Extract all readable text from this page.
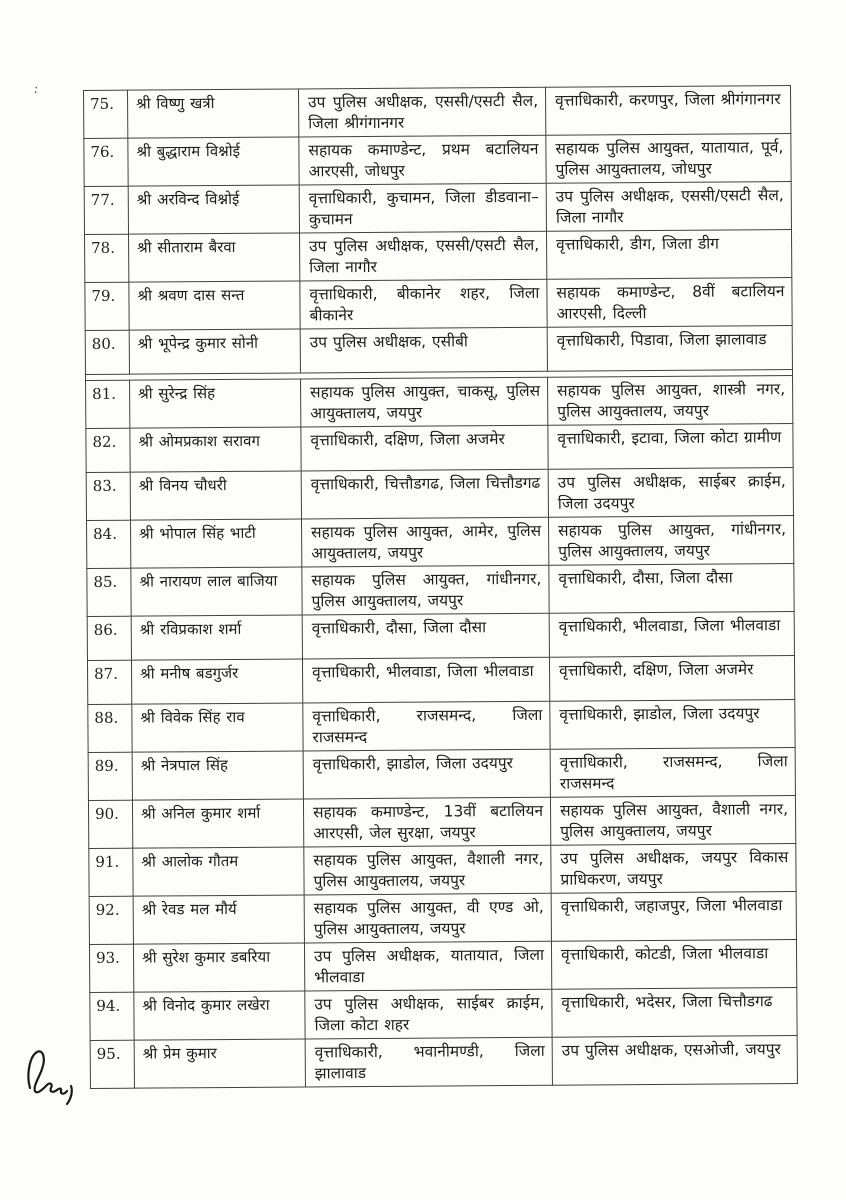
:
75.	श्री विष्णु खत्री	उप पुलिस अधीक्षक, एससी/एसटी सैल, जिला श्रीगंगानगर	वृत्ताधिकारी, करणपुर, जिला श्रीगंगानगर
76.	श्री बुद्धाराम विश्नोई	सहायक कमाण्डेन्ट, प्रथम बटालियन आरएसी, जोधपुर	सहायक पुलिस आयुक्त, यातायात, पूर्व, पुलिस आयुक्तालय, जोधपुर
77.	श्री अरविन्द विश्नोई	वृत्ताधिकारी, कुचामन, जिला डीडवाना–कुचामन	उप पुलिस अधीक्षक, एससी/एसटी सैल, जिला नागौर
78.	श्री सीताराम बैरवा	उप पुलिस अधीक्षक, एससी/एसटी सैल, जिला नागौर	वृत्ताधिकारी, डीग, जिला डीग
79.	श्री श्रवण दास सन्त	वृत्ताधिकारी, बीकानेर शहर, जिला बीकानेर	सहायक कमाण्डेन्ट, 8वीं बटालियन आरएसी, दिल्ली
80.	श्री भूपेन्द्र कुमार सोनी	उप पुलिस अधीक्षक, एसीबी	वृत्ताधिकारी, पिडावा, जिला झालावाड

81.	श्री सुरेन्द्र सिंह	सहायक पुलिस आयुक्त, चाकसू, पुलिस आयुक्तालय, जयपुर	सहायक पुलिस आयुक्त, शास्त्री नगर, पुलिस आयुक्तालय, जयपुर
82.	श्री ओमप्रकाश सरावग	वृत्ताधिकारी, दक्षिण, जिला अजमेर	वृत्ताधिकारी, इटावा, जिला कोटा ग्रामीण
83.	श्री विनय चौधरी	वृत्ताधिकारी, चित्तौडगढ, जिला चित्तौडगढ	उप पुलिस अधीक्षक, साईबर क्राईम, जिला उदयपुर
84.	श्री भोपाल सिंह भाटी	सहायक पुलिस आयुक्त, आमेर, पुलिस आयुक्तालय, जयपुर	सहायक पुलिस आयुक्त, गांधीनगर, पुलिस आयुक्तालय, जयपुर
85.	श्री नारायण लाल बाजिया	सहायक पुलिस आयुक्त, गांधीनगर, पुलिस आयुक्तालय, जयपुर	वृत्ताधिकारी, दौसा, जिला दौसा
86.	श्री रविप्रकाश शर्मा	वृत्ताधिकारी, दौसा, जिला दौसा	वृत्ताधिकारी, भीलवाडा, जिला भीलवाडा
87.	श्री मनीष बडगुर्जर	वृत्ताधिकारी, भीलवाडा, जिला भीलवाडा	वृत्ताधिकारी, दक्षिण, जिला अजमेर
88.	श्री विवेक सिंह राव	वृत्ताधिकारी, राजसमन्द, जिला राजसमन्द	वृत्ताधिकारी, झाडोल, जिला उदयपुर
89.	श्री नेत्रपाल सिंह	वृत्ताधिकारी, झाडोल, जिला उदयपुर	वृत्ताधिकारी, राजसमन्द, जिला राजसमन्द
90.	श्री अनिल कुमार शर्मा	सहायक कमाण्डेन्ट, 13वीं बटालियन आरएसी, जेल सुरक्षा, जयपुर	सहायक पुलिस आयुक्त, वैशाली नगर, पुलिस आयुक्तालय, जयपुर
91.	श्री आलोक गौतम	सहायक पुलिस आयुक्त, वैशाली नगर, पुलिस आयुक्तालय, जयपुर	उप पुलिस अधीक्षक, जयपुर विकास प्राधिकरण, जयपुर
92.	श्री रेवड मल मौर्य	सहायक पुलिस आयुक्त, वी एण्ड ओ, पुलिस आयुक्तालय, जयपुर	वृत्ताधिकारी, जहाजपुर, जिला भीलवाडा
93.	श्री सुरेश कुमार डबरिया	उप पुलिस अधीक्षक, यातायात, जिला भीलवाडा	वृत्ताधिकारी, कोटडी, जिला भीलवाडा
94.	श्री विनोद कुमार लखेरा	उप पुलिस अधीक्षक, साईबर क्राईम, जिला कोटा शहर	वृत्ताधिकारी, भदेसर, जिला चित्तौडगढ
95.	श्री प्रेम कुमार	वृत्ताधिकारी, भवानीमण्डी, जिला झालावाड	उप पुलिस अधीक्षक, एसओजी, जयपुर
